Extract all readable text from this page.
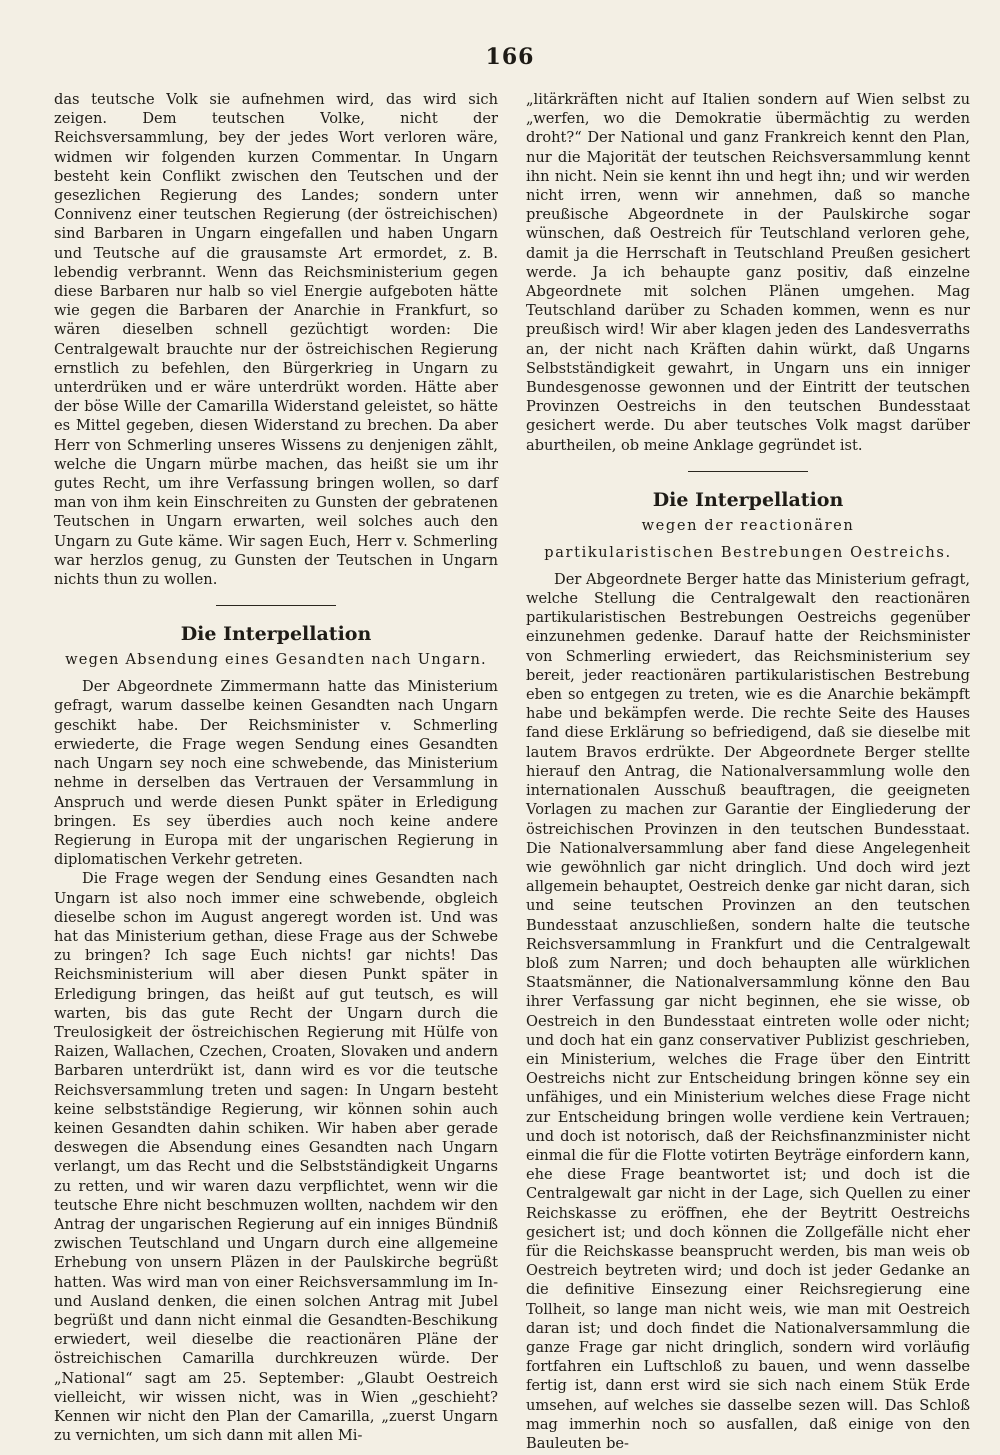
166

das teutsche Volk sie aufnehmen wird, das wird sich zeigen. Dem teutschen Volke, nicht der Reichsversammlung, bey der jedes Wort verloren wäre, widmen wir folgenden kurzen Commentar. In Ungarn besteht kein Conflikt zwischen den Teutschen und der gesezlichen Regierung des Landes; sondern unter Connivenz einer teutschen Regierung (der östreichischen) sind Barbaren in Ungarn eingefallen und haben Ungarn und Teutsche auf die grausamste Art ermordet, z. B. lebendig verbrannt. Wenn das Reichsministerium gegen diese Barbaren nur halb so viel Energie aufgeboten hätte wie gegen die Barbaren der Anarchie in Frankfurt, so wären dieselben schnell gezüchtigt worden: Die Centralgewalt brauchte nur der östreichischen Regierung ernstlich zu befehlen, den Bürgerkrieg in Ungarn zu unterdrüken und er wäre unterdrükt worden. Hätte aber der böse Wille der Camarilla Widerstand geleistet, so hätte es Mittel gegeben, diesen Widerstand zu brechen. Da aber Herr von Schmerling unseres Wissens zu denjenigen zählt, welche die Ungarn mürbe machen, das heißt sie um ihr gutes Recht, um ihre Verfassung bringen wollen, so darf man von ihm kein Einschreiten zu Gunsten der gebratenen Teutschen in Ungarn erwarten, weil solches auch den Ungarn zu Gute käme. Wir sagen Euch, Herr v. Schmerling war herzlos genug, zu Gunsten der Teutschen in Ungarn nichts thun zu wollen.

Die Interpellation
wegen Absendung eines Gesandten nach Ungarn.

Der Abgeordnete Zimmermann hatte das Ministerium gefragt, warum dasselbe keinen Gesandten nach Ungarn geschikt habe. Der Reichsminister v. Schmerling erwiederte, die Frage wegen Sendung eines Gesandten nach Ungarn sey noch eine schwebende, das Ministerium nehme in derselben das Vertrauen der Versammlung in Anspruch und werde diesen Punkt später in Erledigung bringen. Es sey überdies auch noch keine andere Regierung in Europa mit der ungarischen Regierung in diplomatischen Verkehr getreten.

Die Frage wegen der Sendung eines Gesandten nach Ungarn ist also noch immer eine schwebende, obgleich dieselbe schon im August angeregt worden ist. Und was hat das Ministerium gethan, diese Frage aus der Schwebe zu bringen? Ich sage Euch nichts! gar nichts! Das Reichsministerium will aber diesen Punkt später in Erledigung bringen, das heißt auf gut teutsch, es will warten, bis das gute Recht der Ungarn durch die Treulosigkeit der östreichischen Regierung mit Hülfe von Raizen, Wallachen, Czechen, Croaten, Slovaken und andern Barbaren unterdrükt ist, dann wird es vor die teutsche Reichsversammlung treten und sagen: In Ungarn besteht keine selbstständige Regierung, wir können sohin auch keinen Gesandten dahin schiken. Wir haben aber gerade deswegen die Absendung eines Gesandten nach Ungarn verlangt, um das Recht und die Selbstständigkeit Ungarns zu retten, und wir waren dazu verpflichtet, wenn wir die teutsche Ehre nicht beschmuzen wollten, nachdem wir den Antrag der ungarischen Regierung auf ein inniges Bündniß zwischen Teutschland und Ungarn durch eine allgemeine Erhebung von unsern Pläzen in der Paulskirche begrüßt hatten. Was wird man von einer Reichsversammlung im In- und Ausland denken, die einen solchen Antrag mit Jubel begrüßt und dann nicht einmal die Gesandten-Beschikung erwiedert, weil dieselbe die reactionären Pläne der östreichischen Camarilla durchkreuzen würde. Der „National“ sagt am 25. September: „Glaubt Oestreich vielleicht, wir wissen nicht, was in Wien „geschieht? Kennen wir nicht den Plan der Camarilla, „zuerst Ungarn zu vernichten, um sich dann mit allen Mi-

„litärkräften nicht auf Italien sondern auf Wien selbst zu „werfen, wo die Demokratie übermächtig zu werden droht?“ Der National und ganz Frankreich kennt den Plan, nur die Majorität der teutschen Reichsversammlung kennt ihn nicht. Nein sie kennt ihn und hegt ihn; und wir werden nicht irren, wenn wir annehmen, daß so manche preußische Abgeordnete in der Paulskirche sogar wünschen, daß Oestreich für Teutschland verloren gehe, damit ja die Herrschaft in Teutschland Preußen gesichert werde. Ja ich behaupte ganz positiv, daß einzelne Abgeordnete mit solchen Plänen umgehen. Mag Teutschland darüber zu Schaden kommen, wenn es nur preußisch wird! Wir aber klagen jeden des Landesverraths an, der nicht nach Kräften dahin würkt, daß Ungarns Selbstständigkeit gewahrt, in Ungarn uns ein inniger Bundesgenosse gewonnen und der Eintritt der teutschen Provinzen Oestreichs in den teutschen Bundesstaat gesichert werde. Du aber teutsches Volk magst darüber aburtheilen, ob meine Anklage gegründet ist.

Die Interpellation
wegen der reactionären
partikularistischen Bestrebungen Oestreichs.

Der Abgeordnete Berger hatte das Ministerium gefragt, welche Stellung die Centralgewalt den reactionären partikularistischen Bestrebungen Oestreichs gegenüber einzunehmen gedenke. Darauf hatte der Reichsminister von Schmerling erwiedert, das Reichsministerium sey bereit, jeder reactionären partikularistischen Bestrebung eben so entgegen zu treten, wie es die Anarchie bekämpft habe und bekämpfen werde. Die rechte Seite des Hauses fand diese Erklärung so befriedigend, daß sie dieselbe mit lautem Bravos erdrükte. Der Abgeordnete Berger stellte hierauf den Antrag, die Nationalversammlung wolle den internationalen Ausschuß beauftragen, die geeigneten Vorlagen zu machen zur Garantie der Eingliederung der östreichischen Provinzen in den teutschen Bundesstaat. Die Nationalversammlung aber fand diese Angelegenheit wie gewöhnlich gar nicht dringlich. Und doch wird jezt allgemein behauptet, Oestreich denke gar nicht daran, sich und seine teutschen Provinzen an den teutschen Bundesstaat anzuschließen, sondern halte die teutsche Reichsversammlung in Frankfurt und die Centralgewalt bloß zum Narren; und doch behaupten alle würklichen Staatsmänner, die Nationalversammlung könne den Bau ihrer Verfassung gar nicht beginnen, ehe sie wisse, ob Oestreich in den Bundesstaat eintreten wolle oder nicht; und doch hat ein ganz conservativer Publizist geschrieben, ein Ministerium, welches die Frage über den Eintritt Oestreichs nicht zur Entscheidung bringen könne sey ein unfähiges, und ein Ministerium welches diese Frage nicht zur Entscheidung bringen wolle verdiene kein Vertrauen; und doch ist notorisch, daß der Reichsfinanzminister nicht einmal die für die Flotte votirten Beyträge einfordern kann, ehe diese Frage beantwortet ist; und doch ist die Centralgewalt gar nicht in der Lage, sich Quellen zu einer Reichskasse zu eröffnen, ehe der Beytritt Oestreichs gesichert ist; und doch können die Zollgefälle nicht eher für die Reichskasse beansprucht werden, bis man weis ob Oestreich beytreten wird; und doch ist jeder Gedanke an die definitive Einsezung einer Reichsregierung eine Tollheit, so lange man nicht weis, wie man mit Oestreich daran ist; und doch findet die Nationalversammlung die ganze Frage gar nicht dringlich, sondern wird vorläufig fortfahren ein Luftschloß zu bauen, und wenn dasselbe fertig ist, dann erst wird sie sich nach einem Stük Erde umsehen, auf welches sie dasselbe sezen will. Das Schloß mag immerhin noch so ausfallen, daß einige von den Bauleuten be-
